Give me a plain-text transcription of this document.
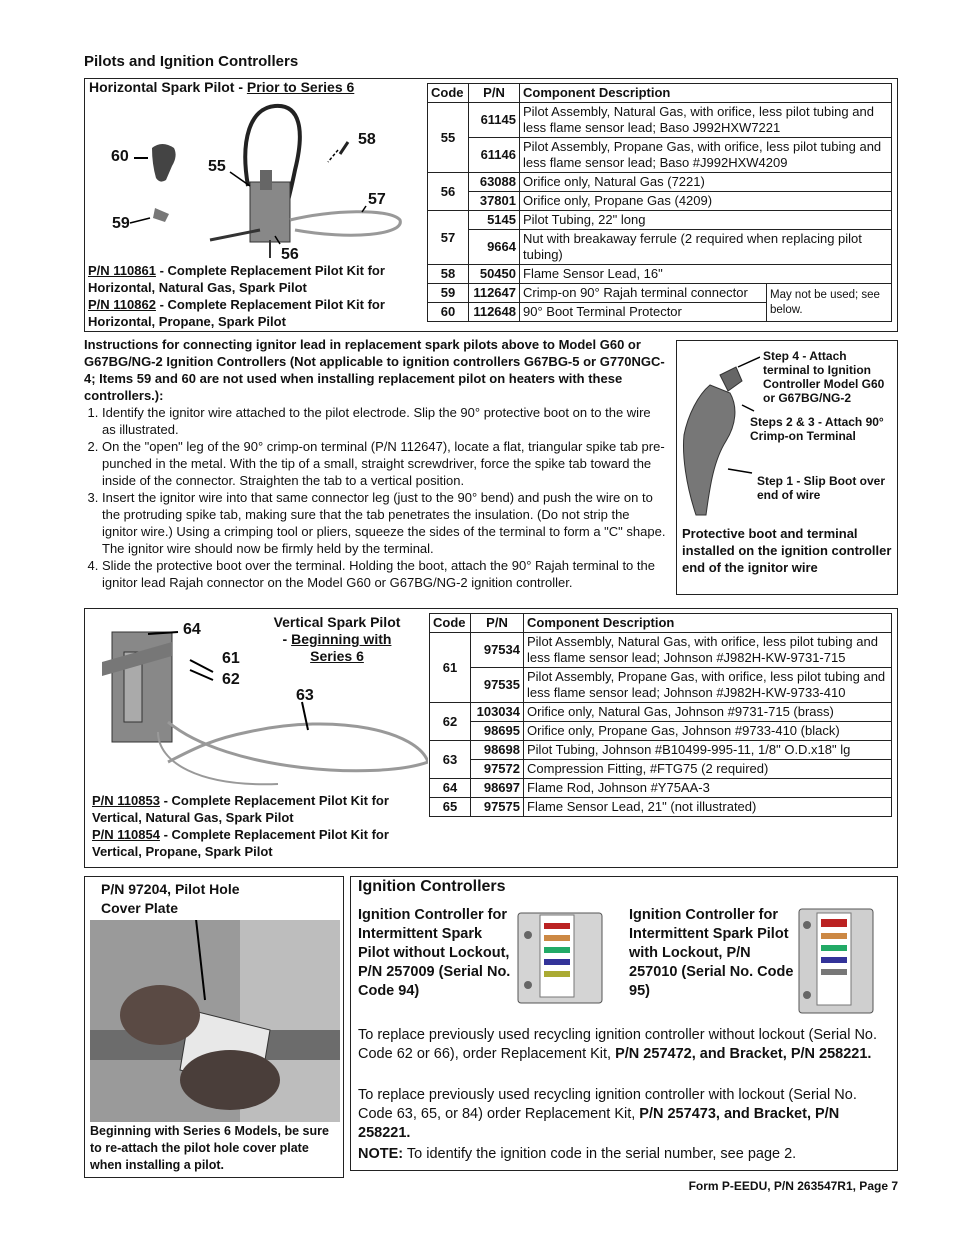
Pilots and Ignition Controllers
Horizontal Spark Pilot - Prior to Series 6
60
55
58
57
59
56
P/N 110861 - Complete Replacement Pilot Kit for Horizontal, Natural Gas, Spark Pilot
P/N 110862 - Complete Replacement Pilot Kit for Horizontal, Propane, Spark Pilot
Code	P/N	Component Description	
55	61145	Pilot Assembly, Natural Gas, with orifice, less pilot tubing and less flame sensor lead; Baso J992HXW7221	
	61146	Pilot Assembly, Propane Gas, with orifice, less pilot tubing and less flame sensor lead; Baso #J992HXW4209	
56	63088	Orifice only, Natural Gas (7221)	
	37801	Orifice only, Propane Gas (4209)	
57	5145	Pilot Tubing, 22" long	
	9664	Nut with breakaway ferrule (2 required when replacing pilot tubing)	
58	50450	Flame Sensor Lead, 16"	
59	112647	Crimp-on 90° Rajah terminal connector	May not be used; see below.
60	112648	90° Boot Terminal Protector	
Instructions for connecting ignitor lead in replacement spark pilots above to Model G60 or G67BG/NG-2 Ignition Controllers (Not applicable to ignition controllers G67BG-5 or G770NGC-4; Items 59 and 60 are not used when installing replacement pilot on heaters with these controllers.):
1. Identify the ignitor wire attached to the pilot electrode. Slip the 90° protective boot on to the wire as illustrated.
2. On the "open" leg of the 90° crimp-on terminal (P/N 112647), locate a flat, triangular spike tab pre-punched in the metal. With the tip of a small, straight screwdriver, force the spike tab toward the inside of the connector. Straighten the tab to a vertical position.
3. Insert the ignitor wire into that same connector leg (just to the 90° bend) and push the wire on to the protruding spike tab, making sure that the tab penetrates the insulation. (Do not strip the ignitor wire.) Using a crimping tool or pliers, squeeze the sides of the terminal to form a "C" shape. The ignitor wire should now be firmly held by the terminal.
4. Slide the protective boot over the terminal. Holding the boot, attach the 90° Rajah terminal to the ignitor lead Rajah connector on the Model G60 or G67BG/NG-2 ignition controller.
Step 4 - Attach terminal to Ignition Controller Model G60 or G67BG/NG-2
Steps 2 & 3 - Attach 90° Crimp-on Terminal
Step 1 - Slip Boot over end of wire
Protective boot and terminal installed on the ignition controller end of the ignitor wire
64
61
62
63
Vertical Spark Pilot
- Beginning with
Series 6
P/N 110853 - Complete Replacement Pilot Kit for Vertical, Natural Gas, Spark Pilot
P/N 110854 - Complete Replacement Pilot Kit for Vertical, Propane, Spark Pilot
Code	P/N	Component Description
61	97534	Pilot Assembly, Natural Gas, with orifice, less pilot tubing and less flame sensor lead; Johnson #J982H-KW-9731-715
	97535	Pilot Assembly, Propane Gas, with orifice, less pilot tubing and less flame sensor lead; Johnson #J982H-KW-9733-410
62	103034	Orifice only, Natural Gas, Johnson #9731-715 (brass)
	98695	Orifice only, Propane Gas, Johnson #9733-410 (black)
63	98698	Pilot Tubing, Johnson #B10499-995-11, 1/8" O.D.x18" lg
	97572	Compression Fitting, #FTG75 (2 required)
64	98697	Flame Rod, Johnson #Y75AA-3
65	97575	Flame Sensor Lead, 21" (not illustrated)
P/N 97204, Pilot Hole Cover Plate
Beginning with Series 6 Models, be sure to re-attach the pilot hole cover plate when installing a pilot.
Ignition Controllers
Ignition Controller for Intermittent Spark Pilot without Lockout, P/N 257009 (Serial No. Code 94)
Ignition Controller for Intermittent Spark Pilot with Lockout, P/N 257010 (Serial No. Code 95)
To replace previously used recycling ignition controller without lockout (Serial No. Code 62 or 66), order Replacement Kit, P/N 257472, and Bracket, P/N 258221.
To replace previously used recycling ignition controller with lockout (Serial No. Code 63, 65, or 84) order Replacement Kit, P/N 257473, and Bracket, P/N 258221.
NOTE: To identify the ignition code in the serial number, see page 2.
Form P-EEDU, P/N 263547R1, Page 7
